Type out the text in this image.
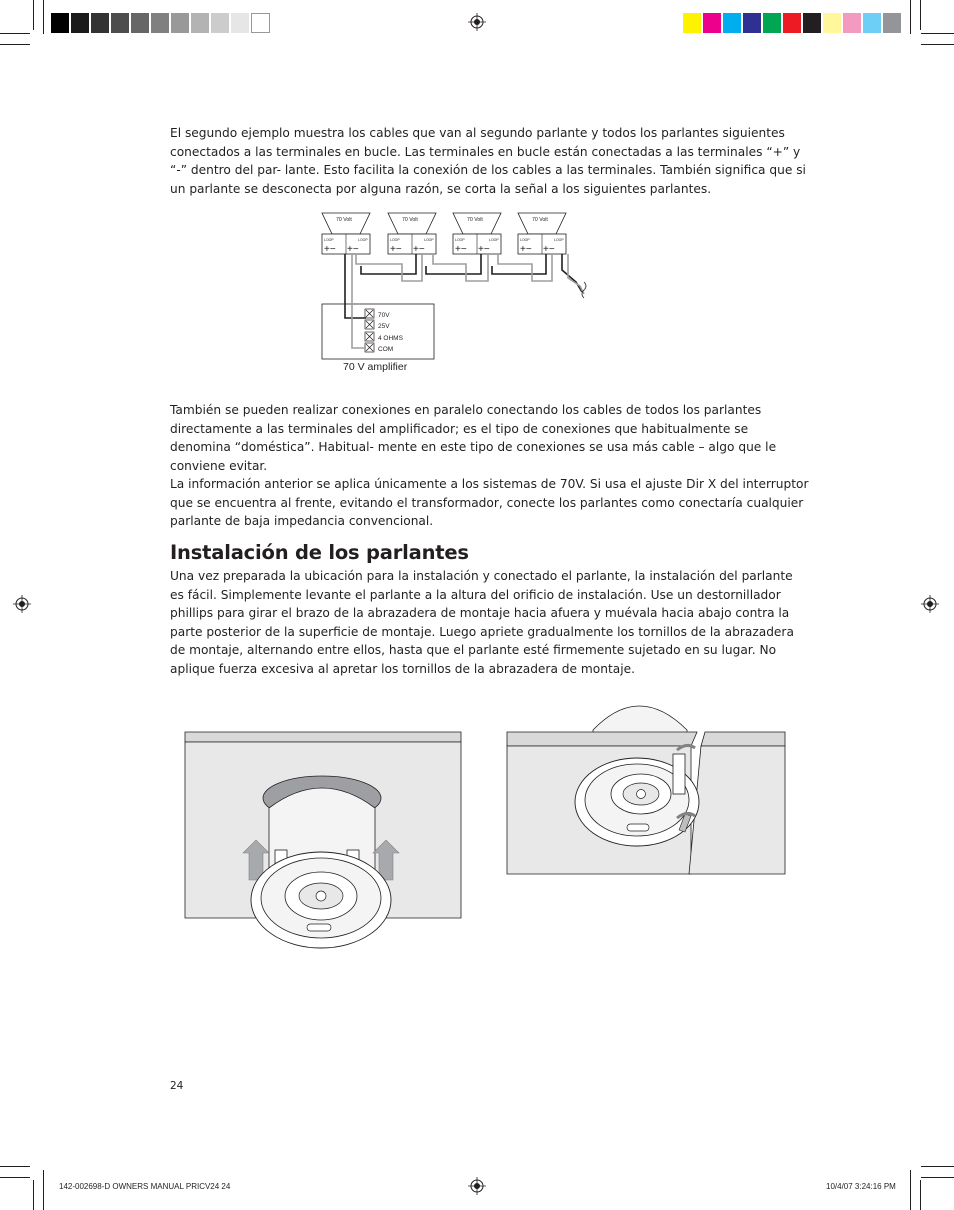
El segundo ejemplo muestra los cables que van al segundo parlante y todos los parlantes siguientes conectados a las terminales en bucle. Las terminales en bucle están conectadas a las terminales “+” y “-” dentro del par- lante. Esto facilita la conexión de los cables a las terminales. También significa que si un parlante se desconecta por alguna razón, se corta la señal a los siguientes parlantes.

70 Volt
LOOP	LOOP
+− +−
70 Volt
LOOP	LOOP
+− +−
70 Volt
LOOP	LOOP
+− +−
70 Volt
LOOP	LOOP
+− +−
70V
25V
4 OHMS
COM
70 V amplifier

También se pueden realizar conexiones en paralelo conectando los cables de todos los parlantes directamente a las terminales del amplificador; es el tipo de conexiones que habitualmente se denomina “doméstica”. Habitual- mente en este tipo de conexiones se usa más cable – algo que le conviene evitar.

La información anterior se aplica únicamente a los sistemas de 70V. Si usa el ajuste Dir X del interruptor que se encuentra al frente, evitando el transformador, conecte los parlantes como conectaría cualquier parlante de baja impedancia convencional.

Instalación de los parlantes

Una vez preparada la ubicación para la instalación y conectado el parlante, la instalación del parlante es fácil. Simplemente levante el parlante a la altura del orificio de instalación. Use un destornillador phillips para girar el brazo de la abrazadera de montaje hacia afuera y muévala hacia abajo contra la parte posterior de la superficie de montaje. Luego apriete gradualmente los tornillos de la abrazadera de montaje, alternando entre ellos, hasta que el parlante esté firmemente sujetado en su lugar. No aplique fuerza excesiva al apretar los tornillos de la abrazadera de montaje.

24
142-002698-D OWNERS MANUAL PRICV24 24	10/4/07 3:24:16 PM
